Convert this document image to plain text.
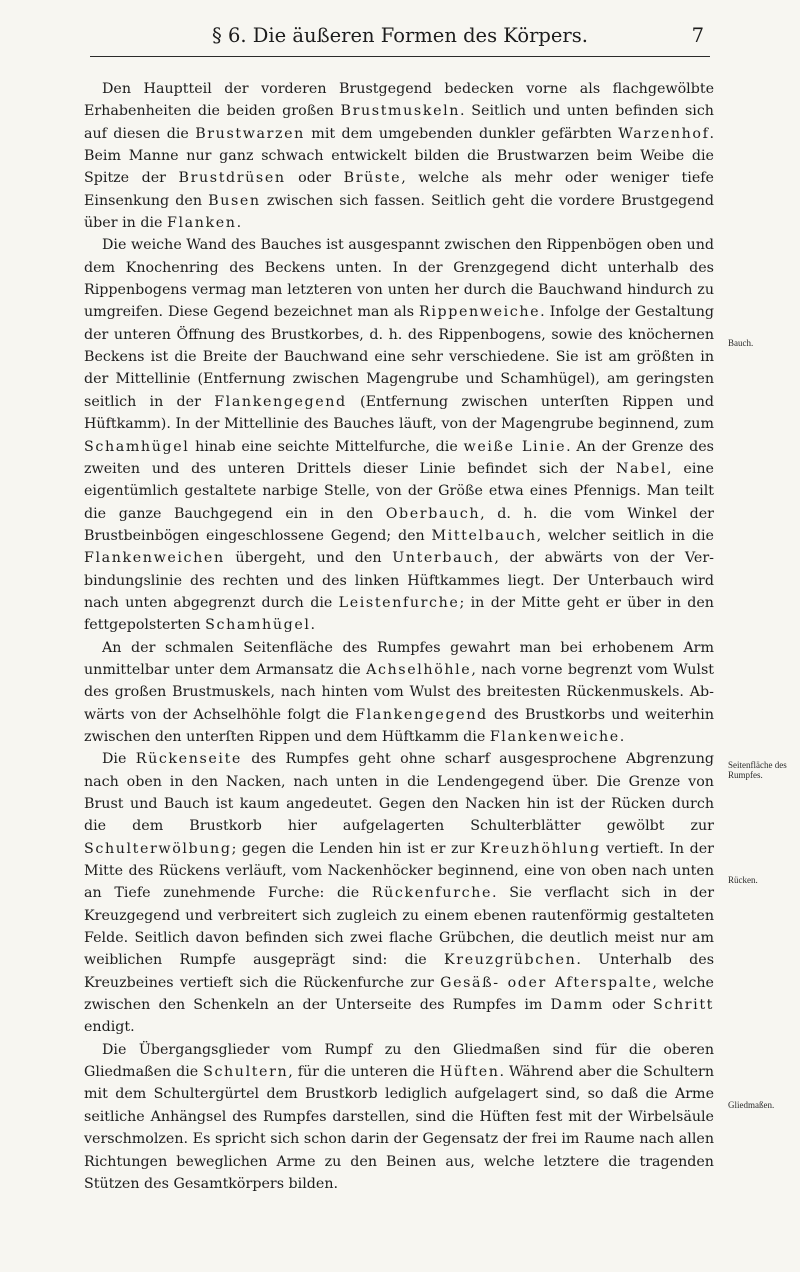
§ 6. Die äußeren Formen des Körpers.	7

Den Hauptteil der vorderen Brustgegend bedecken vorne als flachgewölbte Erhabenheiten die beiden großen Brustmuskeln. Seitlich und unten befinden sich auf diesen die Brustwarzen mit dem umgebenden dunkler gefärbten Warzenhof. Beim Manne nur ganz schwach entwickelt bilden die Brustwarzen beim Weibe die Spitze der Brustdrüsen oder Brüste, welche als mehr oder weniger tiefe Einsenkung den Busen zwischen sich fassen. Seitlich geht die vordere Brustgegend über in die Flanken.

Die weiche Wand des Bauches ist ausgespannt zwischen den Rippenbögen oben und dem Knochenring des Beckens unten. In der Grenzgegend dicht unterhalb des Rippenbogens vermag man letzteren von unten her durch die Bauchwand hindurch zu umgreifen. Diese Gegend bezeichnet man als Rippenweiche. Infolge der Gestaltung der unteren Öffnung des Brustkorbes, d. h. des Rippenbogens, sowie des knöchernen Beckens ist die Breite der Bauchwand eine sehr verschiedene. Sie ist am größten in der Mittellinie (Entfernung zwischen Magengrube und Schamhügel), am geringsten seitlich in der Flankengegend (Entfernung zwischen unterſten Rippen und Hüftkamm). In der Mittellinie des Bauches läuft, von der Magengrube beginnend, zum Schamhügel hinab eine seichte Mittelfurche, die weiße Linie. An der Grenze des zweiten und des unteren Drittels dieser Linie befindet sich der Nabel, eine eigentümlich gestaltete narbige Stelle, von der Größe etwa eines Pfennigs. Man teilt die ganze Bauchgegend ein in den Oberbauch, d. h. die vom Winkel der Brustbeinbögen eingeschlossene Gegend; den Mittelbauch, welcher seitlich in die Flankenweichen übergeht, und den Unterbauch, der abwärts von der Verbindungslinie des rechten und des linken Hüftkammes liegt. Der Unterbauch wird nach unten abgegrenzt durch die Leistenfurche; in der Mitte geht er über in den fettgepolsterten Schamhügel.

An der schmalen Seitenfläche des Rumpfes gewahrt man bei erhobenem Arm unmittelbar unter dem Armansatz die Achselhöhle, nach vorne begrenzt vom Wulst des großen Brustmuskels, nach hinten vom Wulst des breitesten Rückenmuskels. Abwärts von der Achselhöhle folgt die Flankengegend des Brustkorbs und weiterhin zwischen den unterſten Rippen und dem Hüftkamm die Flankenweiche.

Die Rückenseite des Rumpfes geht ohne scharf ausgesprochene Abgrenzung nach oben in den Nacken, nach unten in die Lendengegend über. Die Grenze von Brust und Bauch ist kaum angedeutet. Gegen den Nacken hin ist der Rücken durch die dem Brustkorb hier aufgelagerten Schulterblätter gewölbt zur Schulterwölbung; gegen die Lenden hin ist er zur Kreuzhöhlung vertieft. In der Mitte des Rückens verläuft, vom Nackenhöcker beginnend, eine von oben nach unten an Tiefe zunehmende Furche: die Rückenfurche. Sie verflacht sich in der Kreuzgegend und verbreitert sich zugleich zu einem ebenen rautenförmig gestalteten Felde. Seitlich davon befinden sich zwei flache Grübchen, die deutlich meist nur am weiblichen Rumpfe ausgeprägt sind: die Kreuzgrübchen. Unterhalb des Kreuzbeines vertieft sich die Rückenfurche zur Gesäß- oder Afterspalte, welche zwischen den Schenkeln an der Unterseite des Rumpfes im Damm oder Schritt endigt.

Die Übergangsglieder vom Rumpf zu den Gliedmaßen sind für die oberen Gliedmaßen die Schultern, für die unteren die Hüften. Während aber die Schultern mit dem Schultergürtel dem Brustkorb lediglich aufgelagert sind, so daß die Arme seitliche Anhängsel des Rumpfes darstellen, sind die Hüften fest mit der Wirbelsäule verschmolzen. Es spricht sich schon darin der Gegensatz der frei im Raume nach allen Richtungen beweglichen Arme zu den Beinen aus, welche letztere die tragenden Stützen des Gesamtkörpers bilden.

Bauch.
Seitenfläche des Rumpfes.
Rücken.
Gliedmaßen.
